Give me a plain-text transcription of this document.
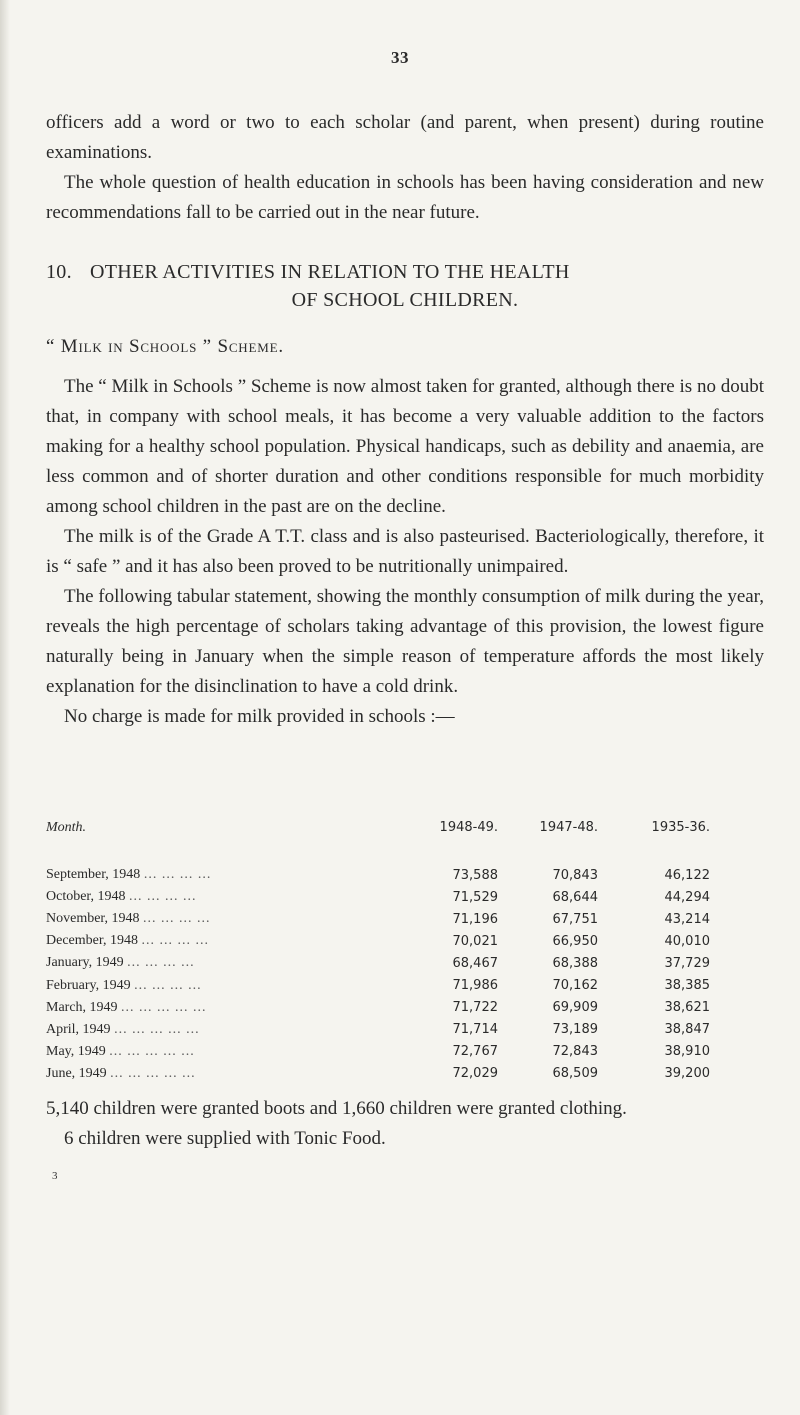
33

officers add a word or two to each scholar (and parent, when present) during routine examinations.

The whole question of health education in schools has been having consideration and new recommendations fall to be carried out in the near future.

10. OTHER ACTIVITIES IN RELATION TO THE HEALTH
OF SCHOOL CHILDREN.
“ Milk in Schools ” Scheme.

The “ Milk in Schools ” Scheme is now almost taken for granted, although there is no doubt that, in company with school meals, it has become a very valuable addition to the factors making for a healthy school population. Physical handicaps, such as debility and anaemia, are less common and of shorter duration and other conditions responsible for much morbidity among school children in the past are on the decline.

The milk is of the Grade A T.T. class and is also pasteurised. Bacteriologically, therefore, it is “ safe ” and it has also been proved to be nutritionally unimpaired.

The following tabular statement, showing the monthly consumption of milk during the year, reveals the high percentage of scholars taking advantage of this provision, the lowest figure naturally being in January when the simple reason of temperature affords the most likely explanation for the disinclination to have a cold drink.

No charge is made for milk provided in schools :—

Month.	1948-49.	1947-48.	1935-36.
September, 1948 ... ... ... ...	73,588	70,843	46,122
October, 1948 ... ... ... ...	71,529	68,644	44,294
November, 1948 ... ... ... ...	71,196	67,751	43,214
December, 1948 ... ... ... ...	70,021	66,950	40,010
January, 1949 ... ... ... ...	68,467	68,388	37,729
February, 1949 ... ... ... ...	71,986	70,162	38,385
March, 1949 ... ... ... ... ...	71,722	69,909	38,621
April, 1949 ... ... ... ... ...	71,714	73,189	38,847
May, 1949 ... ... ... ... ...	72,767	72,843	38,910
June, 1949 ... ... ... ... ...	72,029	68,509	39,200

5,140 children were granted boots and 1,660 children were granted clothing.

6 children were supplied with Tonic Food.

3
